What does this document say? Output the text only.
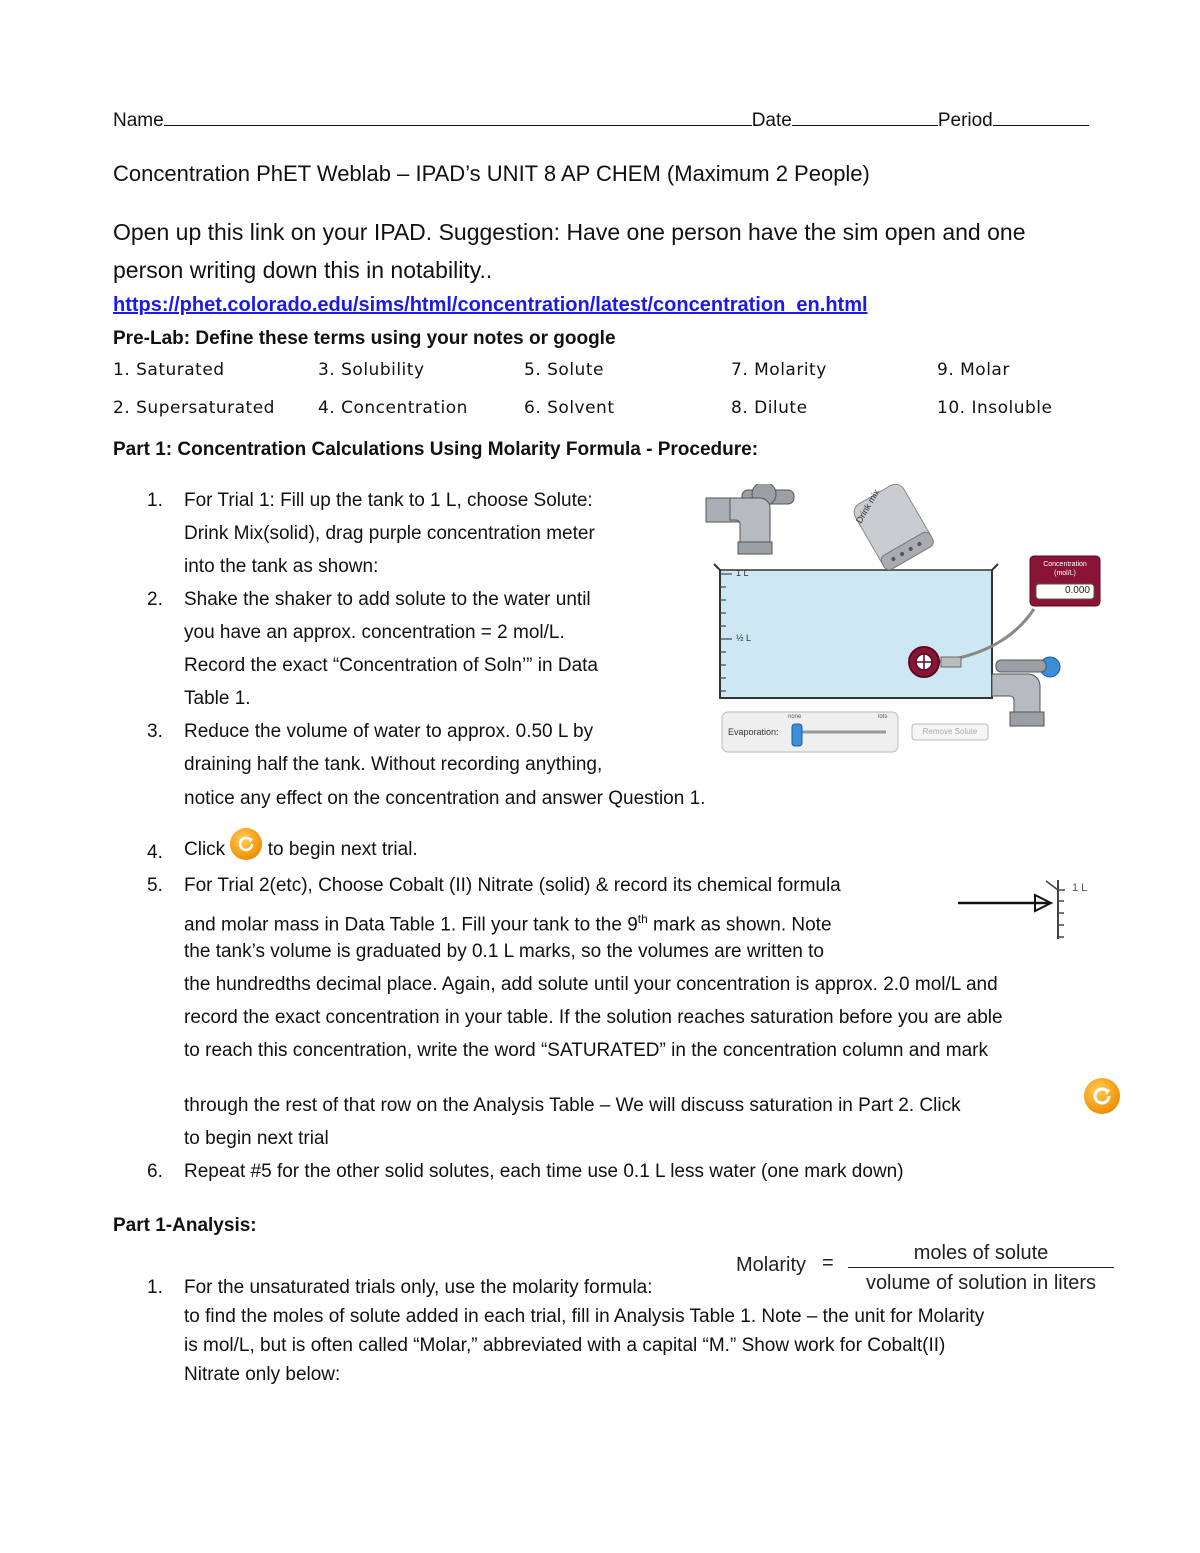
Name	Date	Period
Concentration PhET Weblab – IPAD’s UNIT 8 AP CHEM (Maximum 2 People)
Open up this link on your IPAD. Suggestion: Have one person have the sim open and one
person writing down this in notability..
https://phet.colorado.edu/sims/html/concentration/latest/concentration_en.html
Pre-Lab: Define these terms using your notes or google
1. Saturated	3. Solubility	5. Solute	7. Molarity	9. Molar
2. Supersaturated	4. Concentration	6. Solvent	8. Dilute	10. Insoluble
Part 1: Concentration Calculations Using Molarity Formula - Procedure:
1.	For Trial 1: Fill up the tank to 1 L, choose Solute:
Drink Mix(solid), drag purple concentration meter
into the tank as shown:
2.	Shake the shaker to add solute to the water until
you have an approx. concentration = 2 mol/L.
Record the exact “Concentration of Soln’” in Data
Table 1.
3.	Reduce the volume of water to approx. 0.50 L by
draining half the tank. Without recording anything,
notice any effect on the concentration and answer Question 1.
4.	Click to begin next trial.
5.	For Trial 2(etc), Choose Cobalt (II) Nitrate (solid) & record its chemical formula
and molar mass in Data Table 1. Fill your tank to the 9th mark as shown. Note
the tank’s volume is graduated by 0.1 L marks, so the volumes are written to
the hundredths decimal place. Again, add solute until your concentration is approx. 2.0 mol/L and
record the exact concentration in your table. If the solution reaches saturation before you are able
to reach this concentration, write the word “SATURATED” in the concentration column and mark
through the rest of that row on the Analysis Table – We will discuss saturation in Part 2. Click
to begin next trial
6.	Repeat #5 for the other solid solutes, each time use 0.1 L less water (one mark down)
1 L
Drink mix
1 L
½ L
Concentration
(mol/L)
0.000
Evaporation:
none	lots
Remove Solute
Part 1-Analysis:
Molarity =	moles of solute
volume of solution in liters
1.	For the unsaturated trials only, use the molarity formula:
to find the moles of solute added in each trial, fill in Analysis Table 1. Note – the unit for Molarity
is mol/L, but is often called “Molar,” abbreviated with a capital “M.” Show work for Cobalt(II)
Nitrate only below:
